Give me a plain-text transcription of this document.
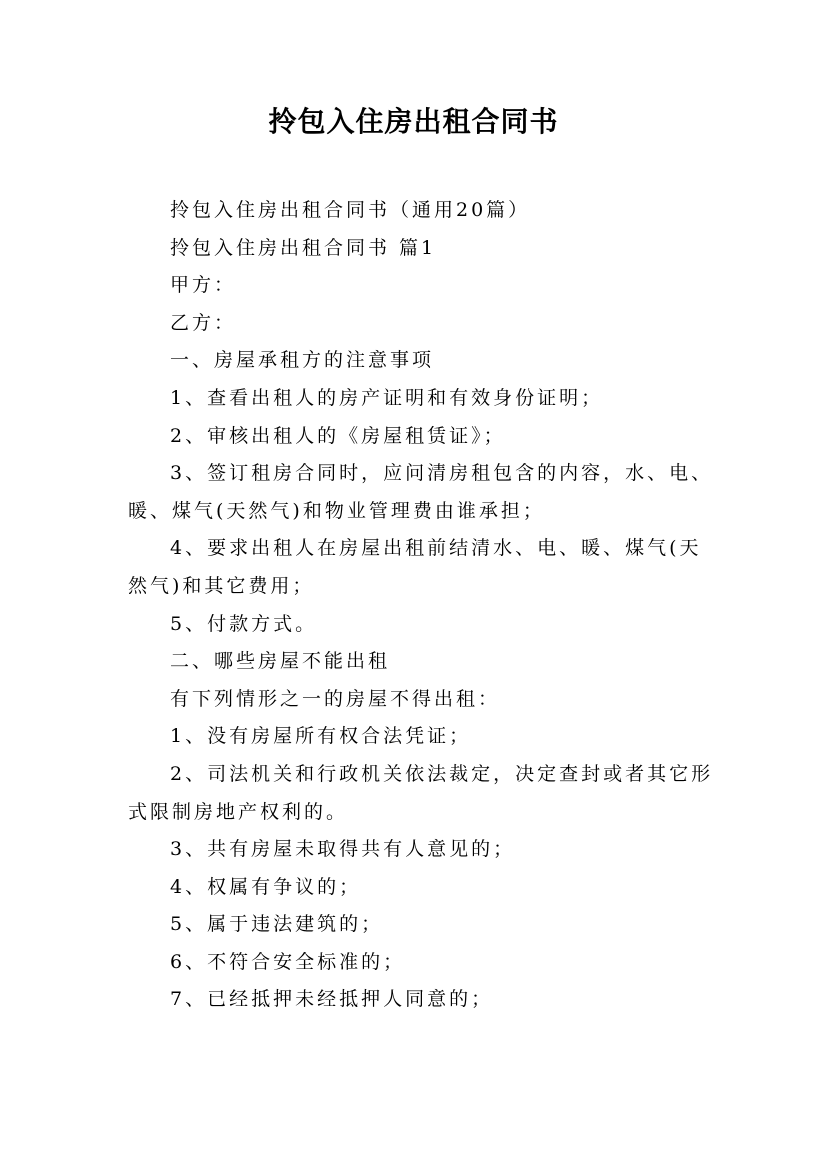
拎包入住房出租合同书

拎包入住房出租合同书（通用20篇）

拎包入住房出租合同书 篇1

甲方：

乙方：

一、房屋承租方的注意事项

1、查看出租人的房产证明和有效身份证明；

2、审核出租人的《房屋租赁证》；

3、签订租房合同时，应问清房租包含的内容，水、电、暖、煤气(天然气)和物业管理费由谁承担；

4、要求出租人在房屋出租前结清水、电、暖、煤气(天然气)和其它费用；

5、付款方式。

二、哪些房屋不能出租

有下列情形之一的房屋不得出租：

1、没有房屋所有权合法凭证；

2、司法机关和行政机关依法裁定，决定查封或者其它形式限制房地产权利的。

3、共有房屋未取得共有人意见的；

4、权属有争议的；

5、属于违法建筑的；

6、不符合安全标准的；

7、已经抵押未经抵押人同意的；
